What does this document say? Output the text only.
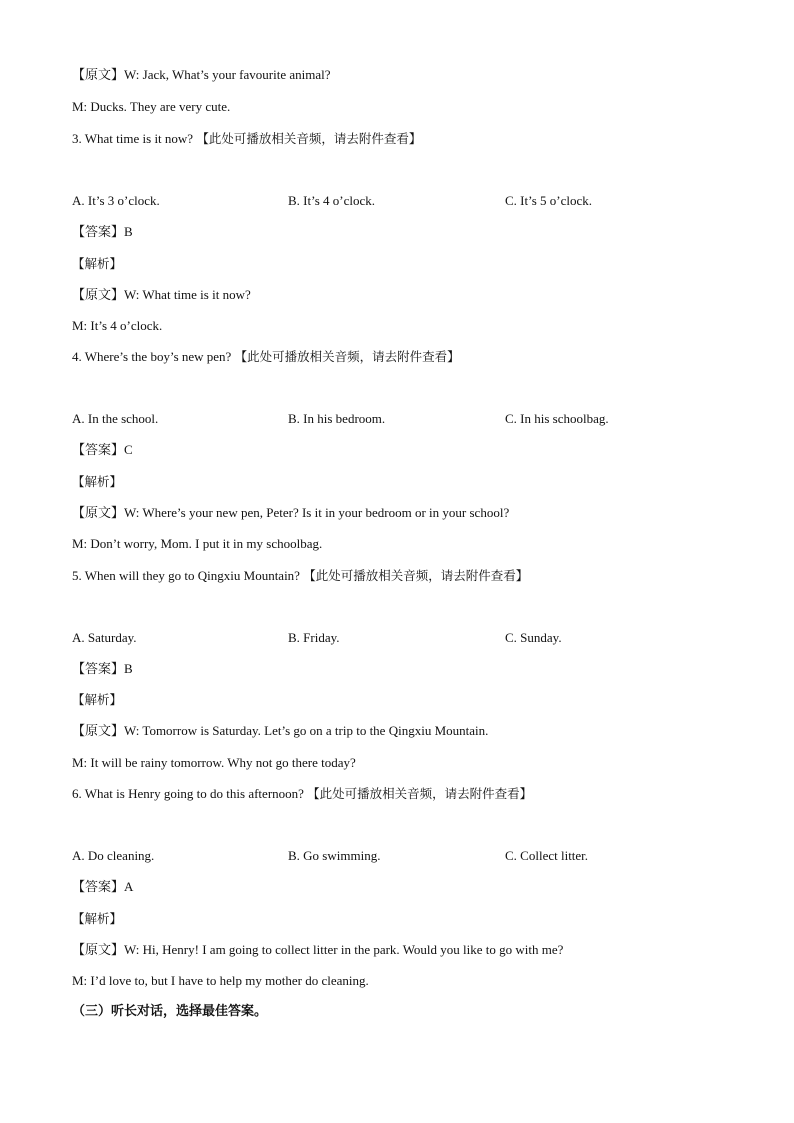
【原文】W: Jack, What’s your favourite animal?
M: Ducks. They are very cute.
3. What time is it now? 【此处可播放相关音频，请去附件查看】
A. It’s 3 o’clock.	B. It’s 4 o’clock.	C. It’s 5 o’clock.
【答案】B
【解析】
【原文】W: What time is it now?
M: It’s 4 o’clock.
4. Where’s the boy’s new pen? 【此处可播放相关音频，请去附件查看】
A. In the school.	B. In his bedroom.	C. In his schoolbag.
【答案】C
【解析】
【原文】W: Where’s your new pen, Peter? Is it in your bedroom or in your school?
M: Don’t worry, Mom. I put it in my schoolbag.
5. When will they go to Qingxiu Mountain? 【此处可播放相关音频，请去附件查看】
A. Saturday.	B. Friday.	C. Sunday.
【答案】B
【解析】
【原文】W: Tomorrow is Saturday. Let’s go on a trip to the Qingxiu Mountain.
M: It will be rainy tomorrow. Why not go there today?
6. What is Henry going to do this afternoon? 【此处可播放相关音频，请去附件查看】
A. Do cleaning.	B. Go swimming.	C. Collect litter.
【答案】A
【解析】
【原文】W: Hi, Henry! I am going to collect litter in the park. Would you like to go with me?
M: I’d love to, but I have to help my mother do cleaning.
（三）听长对话，选择最佳答案。
